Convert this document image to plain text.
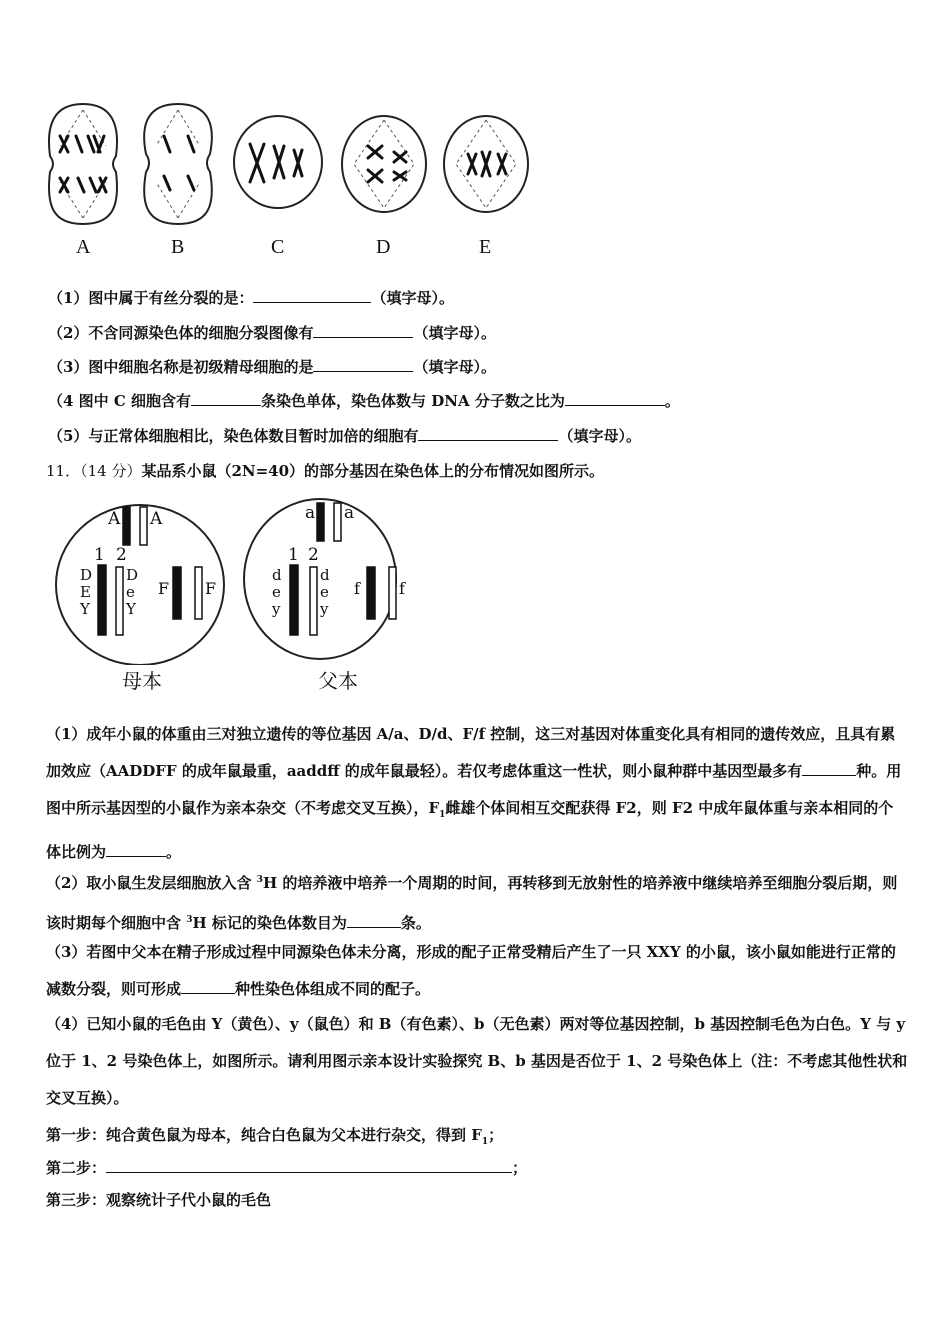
A	B	C	D	E
（1）图中属于有丝分裂的是：	（填字母）。
（2）不含同源染色体的细胞分裂图像有	（填字母）。
（3）图中细胞名称是初级精母细胞的是	（填字母）。
（4 图中 C 细胞含有	条染色单体，染色体数与 DNA 分子数之比为	。
（5）与正常体细胞相比，染色体数目暂时加倍的细胞有	（填字母）。
11．（14 分）某品系小鼠（2N=40）的部分基因在染色体上的分布情况如图所示。
A A
1 2
D
E
Y
D
e
Y
F F
母本
a a
1 2
d
e
y
d
e
y
f f
父本
（1）成年小鼠的体重由三对独立遗传的等位基因 A/a、D/d、F/f 控制，这三对基因对体重变化具有相同的遗传效应，且具有累加效应（AADDFF 的成年鼠最重，aaddff 的成年鼠最轻）。若仅考虑体重这一性状，则小鼠种群中基因型最多有	种。用图中所示基因型的小鼠作为亲本杂交（不考虑交叉互换），$F_1$雌雄个体间相互交配获得 F2，则 F2 中成年鼠体重与亲本相同的个体比例为	。
（2）取小鼠生发层细胞放入含 $^3$H 的培养液中培养一个周期的时间，再转移到无放射性的培养液中继续培养至细胞分裂后期，则该时期每个细胞中含 $^3$H 标记的染色体数目为	条。
（3）若图中父本在精子形成过程中同源染色体未分离，形成的配子正常受精后产生了一只 XXY 的小鼠，该小鼠如能进行正常的减数分裂，则可形成	种性染色体组成不同的配子。
（4）已知小鼠的毛色由 Y（黄色）、y（鼠色）和 B（有色素）、b（无色素）两对等位基因控制，b 基因控制毛色为白色。Y 与 y 位于 1、2 号染色体上，如图所示。请利用图示亲本设计实验探究 B、b 基因是否位于 1、2 号染色体上（注：不考虑其他性状和交叉互换）。
第一步：纯合黄色鼠为母本，纯合白色鼠为父本进行杂交，得到 $F_1$；
第二步：	；
第三步：观察统计子代小鼠的毛色
